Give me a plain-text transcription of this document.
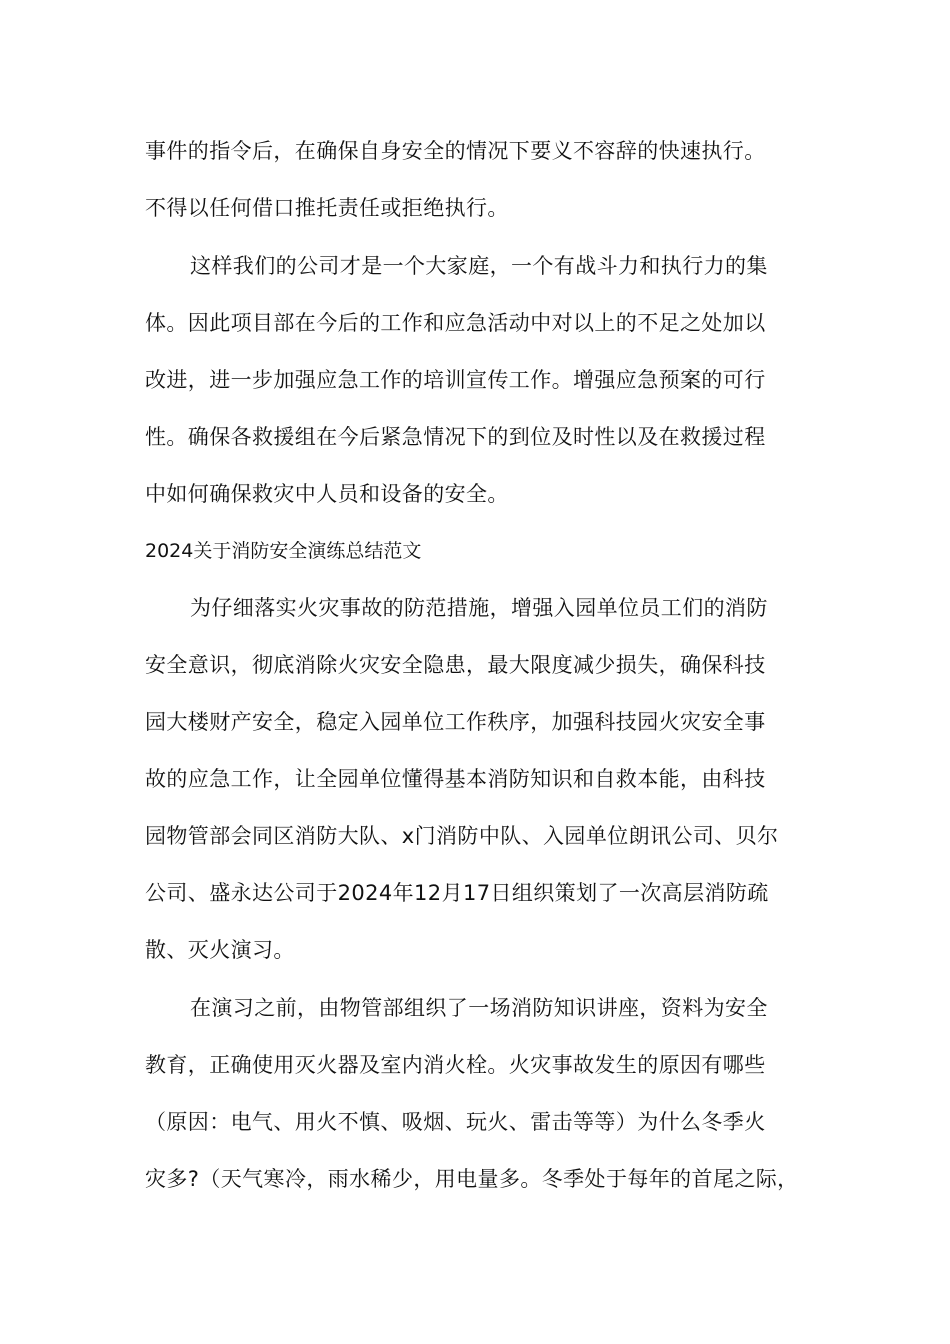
事件的指令后，在确保自身安全的情况下要义不容辞的快速执行。
不得以任何借口推托责任或拒绝执行。
这样我们的公司才是一个大家庭，一个有战斗力和执行力的集
体。因此项目部在今后的工作和应急活动中对以上的不足之处加以
改进，进一步加强应急工作的培训宣传工作。增强应急预案的可行
性。确保各救援组在今后紧急情况下的到位及时性以及在救援过程
中如何确保救灾中人员和设备的安全。
2024关于消防安全演练总结范文
为仔细落实火灾事故的防范措施，增强入园单位员工们的消防
安全意识，彻底消除火灾安全隐患，最大限度减少损失，确保科技
园大楼财产安全，稳定入园单位工作秩序，加强科技园火灾安全事
故的应急工作，让全园单位懂得基本消防知识和自救本能，由科技
园物管部会同区消防大队、x门消防中队、入园单位朗讯公司、贝尔
公司、盛永达公司于2024年12月17日组织策划了一次高层消防疏
散、灭火演习。
在演习之前，由物管部组织了一场消防知识讲座，资料为安全
教育，正确使用灭火器及室内消火栓。火灾事故发生的原因有哪些
（原因：电气、用火不慎、吸烟、玩火、雷击等等）为什么冬季火
灾多?（天气寒冷，雨水稀少，用电量多。冬季处于每年的首尾之际，
